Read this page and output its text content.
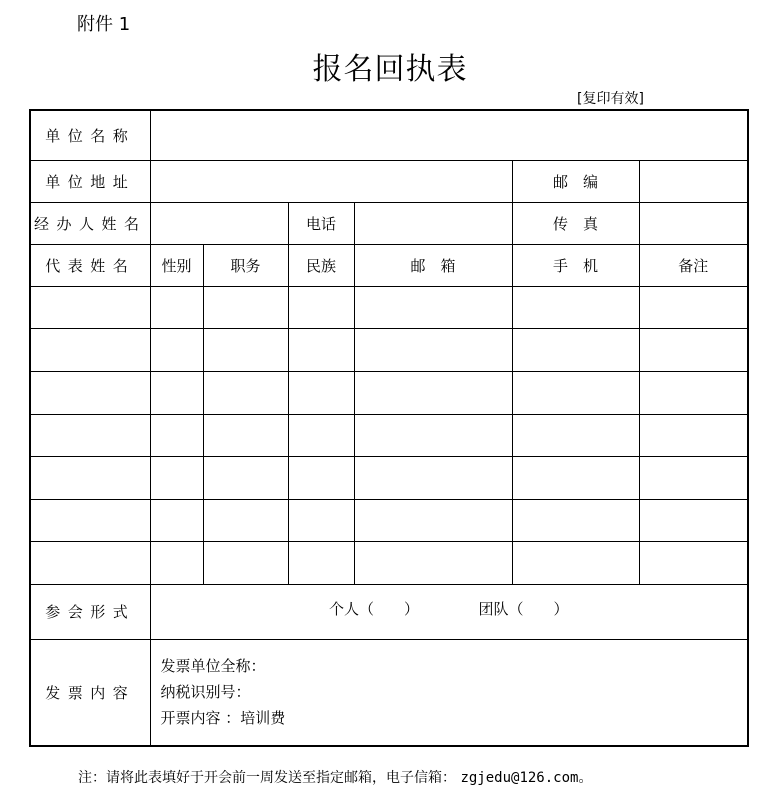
附件 1
报名回执表
[复印有效]
单位名称						
单位地址					邮　编	
经办人姓名			电话		传　真	
代表姓名	性别	职务	民族	邮　箱	手　机	备注

参会形式	个人（　　） 团队（　　）					
发票内容	发票单位全称：
纳税识别号：
开票内容 ：培训费					
注：请将此表填好于开会前一周发送至指定邮箱，电子信箱： zgjedu@126.com。
